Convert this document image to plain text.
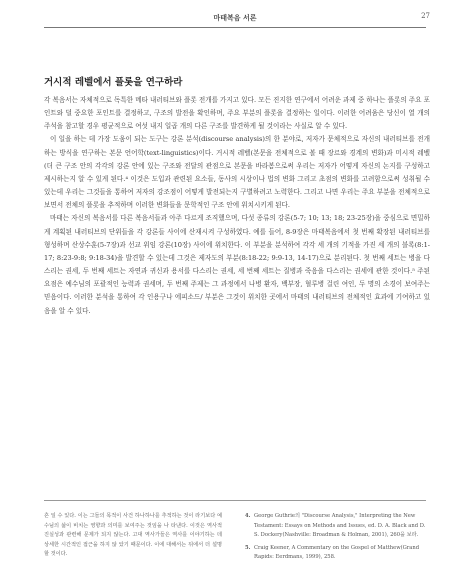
마태복음 서론	27
거시적 레벨에서 플롯을 연구하라

각 복음서는 자체적으로 독특한 메타 내러티브와 플롯 전개를 가지고 있다. 모든 진지한 연구에서 어려운 과제 중 하나는 플롯의 주요 포인트와 덜 중요한 포인트를 결정하고, 구조의 발전을 확인하며, 주요 부분의 플롯을 결정하는 일이다. 이러한 어려움은 당신이 열 개의 주석을 참고할 경우 평균적으로 여섯 내지 일곱 개의 다른 구조를 발견하게 될 것이라는 사실로 알 수 있다.

이 일을 하는 데 가장 도움이 되는 도구는 강론 분석(discourse analysis)의 한 분야로, 저자가 문체적으로 자신의 내러티브를 전개하는 방식을 연구하는 본문 언어학(text-linguistics)이다. 거시적 레벨(본문을 전체적으로 볼 때 장르와 경계의 변화)과 미시적 레벨(더 큰 구조 안의 각각의 강론 안에 있는 구조와 전달의 관점으로 본문을 바라봄으로써 우리는 저자가 어떻게 자신의 논지를 구성하고 제시하는지 알 수 있게 된다.⁴ 이것은 도입과 관련된 요소들, 동사의 시상이나 법의 변화 그리고 초점의 변화를 고려함으로써 성취될 수 있는데 우리는 그것들을 통하여 저자의 강조점이 어떻게 발전되는지 구별하려고 노력한다. 그리고 나면 우리는 주요 부분을 전체적으로 보면서 전체의 플롯을 추적하며 이러한 변화들을 문학적인 구조 안에 위치시키게 된다.

마태는 자신의 복음서를 다른 복음서들과 아주 다르게 조직했으며, 다섯 종류의 강론(5-7; 10; 13; 18; 23-25장)을 중심으로 면밀하게 계획된 내러티브의 단위들을 각 강론들 사이에 산재시켜 구성하였다. 예를 들어, 8-9장은 마태복음에서 첫 번째 확장된 내러티브를 형성하며 산상수훈(5-7장)과 선교 위임 강론(10장) 사이에 위치한다. 이 부분을 분석하여 각각 세 개의 기적을 가진 세 개의 블록(8:1-17; 8:23-9:8; 9:18-34)을 발견할 수 있는데 그것은 제자도의 부분(8:18-22; 9:9-13, 14-17)으로 분리된다. 첫 번째 세트는 병을 다스리는 권세, 두 번째 세트는 자연과 귀신과 용서를 다스리는 권세, 세 번째 세트는 질병과 죽음을 다스리는 권세에 관한 것이다.⁵ 주된 요점은 예수님의 포괄적인 능력과 권세며, 두 번째 주제는 그 과정에서 나병 환자, 백부장, 혈루병 걸린 여인, 두 명의 소경이 보여주는 믿음이다. 이러한 분석을 통하여 각 인용구나 에피소드/ 부분은 그것이 위치한 곳에서 마태의 내러티브의 전체적인 효과에 기여하고 있음을 알 수 있다.

흔 일 수 있다. 이는 그들의 목적이 사건 하나하나를 추적하는 것이 라기보다 예수님의 삶이 비치는 영향과 의미를 보여주는 것임을 나 타낸다. 이것은 역사적 진실성과 관련해 문제가 되지 않는다. 고대 역사가들은 역사를 이야기하는 데 상세한 시간적인 접근을 하지 않 았기 때문이다. 이에 대해서는 뒤에서 더 설명할 것이다.
4. George Guthrie의 "Discourse Analysis," Interpreting the New Testament: Essays on Methods and Issues, ed. D. A. Black and D. S. Dockery(Nashville: Broadman & Holman, 2001), 260을 보라.
5. Craig Keener, A Commentary on the Gospel of Matthew(Grand Rapids: Eerdmans, 1999), 258.
